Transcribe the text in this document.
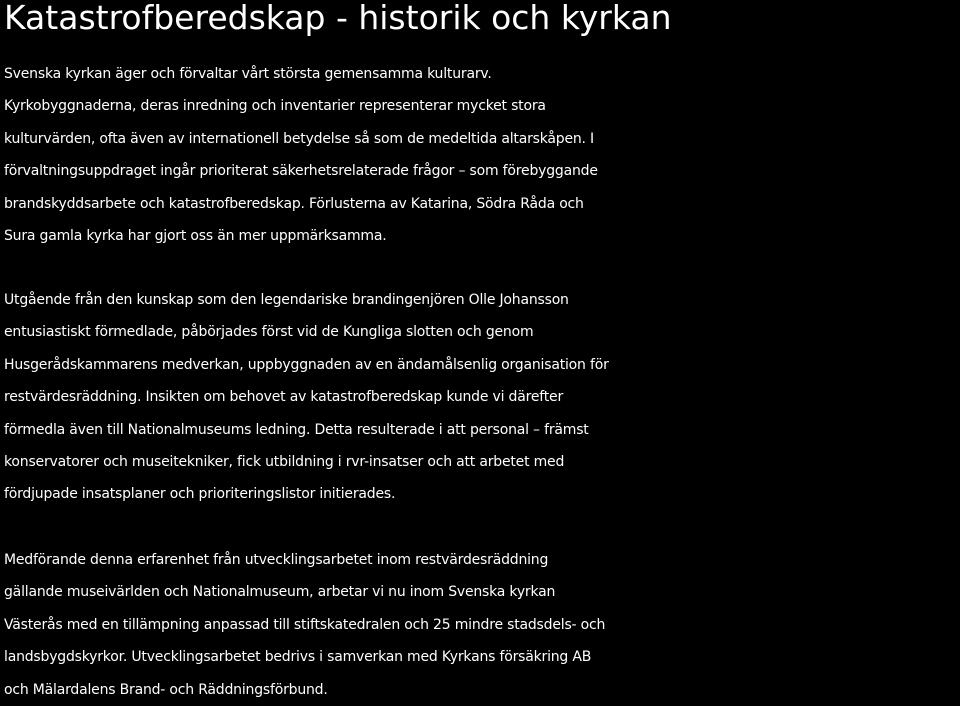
Katastrofberedskap - historik och kyrkan
Svenska kyrkan äger och förvaltar vårt största gemensamma kulturarv.
Kyrkobyggnaderna, deras inredning och inventarier representerar mycket stora
kulturvärden, ofta även av internationell betydelse så som de medeltida altarskåpen. I
förvaltningsuppdraget ingår prioriterat säkerhetsrelaterade frågor – som förebyggande
brandskyddsarbete och katastrofberedskap. Förlusterna av Katarina, Södra Råda och
Sura gamla kyrka har gjort oss än mer uppmärksamma.
Utgående från den kunskap som den legendariske brandingenjören Olle Johansson
entusiastiskt förmedlade, påbörjades först vid de Kungliga slotten och genom
Husgerådskammarens medverkan, uppbyggnaden av en ändamålsenlig organisation för
restvärdesräddning. Insikten om behovet av katastrofberedskap kunde vi därefter
förmedla även till Nationalmuseums ledning. Detta resulterade i att personal – främst
konservatorer och museitekniker, fick utbildning i rvr-insatser och att arbetet med
fördjupade insatsplaner och prioriteringslistor initierades.
Medförande denna erfarenhet från utvecklingsarbetet inom restvärdesräddning
gällande museivärlden och Nationalmuseum, arbetar vi nu inom Svenska kyrkan
Västerås med en tillämpning anpassad till stiftskatedralen och 25 mindre stadsdels- och
landsbygdskyrkor. Utvecklingsarbetet bedrivs i samverkan med Kyrkans försäkring AB
och Mälardalens Brand- och Räddningsförbund.
